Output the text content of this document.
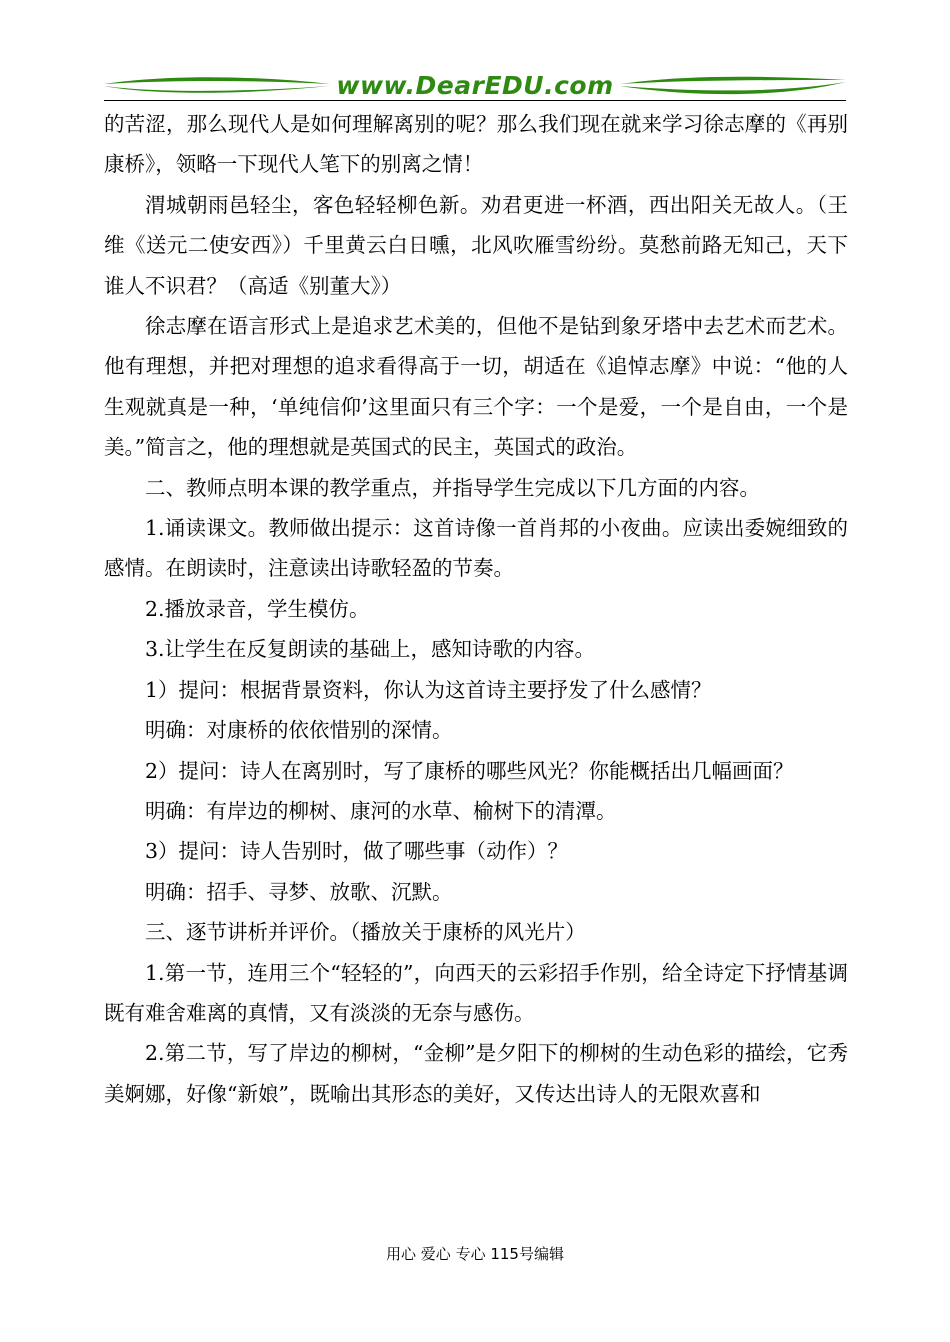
www.DearEDU.com

的苦涩，那么现代人是如何理解离别的呢？那么我们现在就来学习徐志摩的《再别康桥》，领略一下现代人笔下的别离之情！

渭城朝雨邑轻尘，客色轻轻柳色新。劝君更进一杯酒，西出阳关无故人。（王维《送元二使安西》）千里黄云白日曛，北风吹雁雪纷纷。莫愁前路无知己，天下谁人不识君？（高适《别董大》）

徐志摩在语言形式上是追求艺术美的，但他不是钻到象牙塔中去艺术而艺术。他有理想，并把对理想的追求看得高于一切，胡适在《追悼志摩》中说：“他的人生观就真是一种，‘单纯信仰’这里面只有三个字：一个是爱，一个是自由，一个是美。”简言之，他的理想就是英国式的民主，英国式的政治。

二、教师点明本课的教学重点，并指导学生完成以下几方面的内容。

1.诵读课文。教师做出提示：这首诗像一首肖邦的小夜曲。应读出委婉细致的感情。在朗读时，注意读出诗歌轻盈的节奏。

2.播放录音，学生模仿。

3.让学生在反复朗读的基础上，感知诗歌的内容。

1）提问：根据背景资料，你认为这首诗主要抒发了什么感情？

明确：对康桥的依依惜别的深情。

2）提问：诗人在离别时，写了康桥的哪些风光？你能概括出几幅画面？

明确：有岸边的柳树、康河的水草、榆树下的清潭。

3）提问：诗人告别时，做了哪些事（动作）？

明确：招手、寻梦、放歌、沉默。

三、逐节讲析并评价。（播放关于康桥的风光片）

1.第一节，连用三个“轻轻的”，向西天的云彩招手作别，给全诗定下抒情基调既有难舍难离的真情，又有淡淡的无奈与感伤。

2.第二节，写了岸边的柳树，“金柳”是夕阳下的柳树的生动色彩的描绘，它秀美婀娜，好像“新娘”，既喻出其形态的美好，又传达出诗人的无限欢喜和

用心 爱心 专心 115号编辑
